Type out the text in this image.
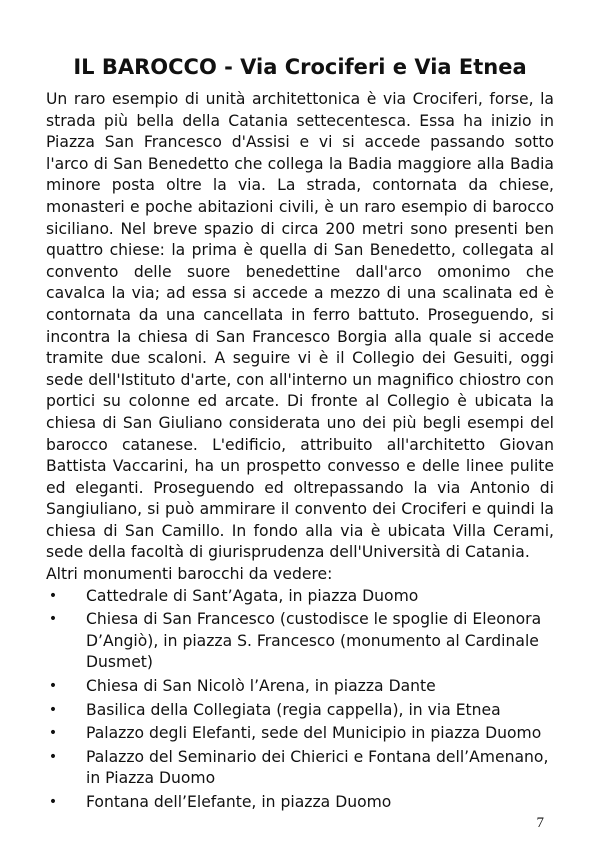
IL BAROCCO - Via Crociferi e Via Etnea

Un raro esempio di unità architettonica è via Crociferi, forse, la strada più bella della Catania settecentesca. Essa ha inizio in Piazza San Francesco d'Assisi e vi si accede passando sotto l'arco di San Benedetto che collega la Badia maggiore alla Badia minore posta oltre la via. La strada, contornata da chiese, monasteri e poche abitazioni civili, è un raro esempio di barocco siciliano. Nel breve spazio di circa 200 metri sono presenti ben quattro chiese: la prima è quella di San Benedetto, collegata al convento delle suore benedettine dall'arco omonimo che cavalca la via; ad essa si accede a mezzo di una scalinata ed è contornata da una cancellata in ferro battuto. Proseguendo, si incontra la chiesa di San Francesco Borgia alla quale si accede tramite due scaloni. A seguire vi è il Collegio dei Gesuiti, oggi sede dell'Istituto d'arte, con all'interno un magnifico chiostro con portici su colonne ed arcate. Di fronte al Collegio è ubicata la chiesa di San Giuliano considerata uno dei più begli esempi del barocco catanese. L'edificio, attribuito all'architetto Giovan Battista Vaccarini, ha un prospetto convesso e delle linee pulite ed eleganti. Proseguendo ed oltrepassando la via Antonio di Sangiuliano, si può ammirare il convento dei Crociferi e quindi la chiesa di San Camillo. In fondo alla via è ubicata Villa Cerami, sede della facoltà di giurisprudenza dell'Università di Catania.

Altri monumenti barocchi da vedere:

• Cattedrale di Sant’Agata, in piazza Duomo
• Chiesa di San Francesco (custodisce le spoglie di Eleonora D’Angiò), in piazza S. Francesco (monumento al Cardinale Dusmet)
• Chiesa di San Nicolò l’Arena, in piazza Dante
• Basilica della Collegiata (regia cappella), in via Etnea
• Palazzo degli Elefanti, sede del Municipio in piazza Duomo
• Palazzo del Seminario dei Chierici e Fontana dell’Amenano, in Piazza Duomo
• Fontana dell’Elefante, in piazza Duomo
7
